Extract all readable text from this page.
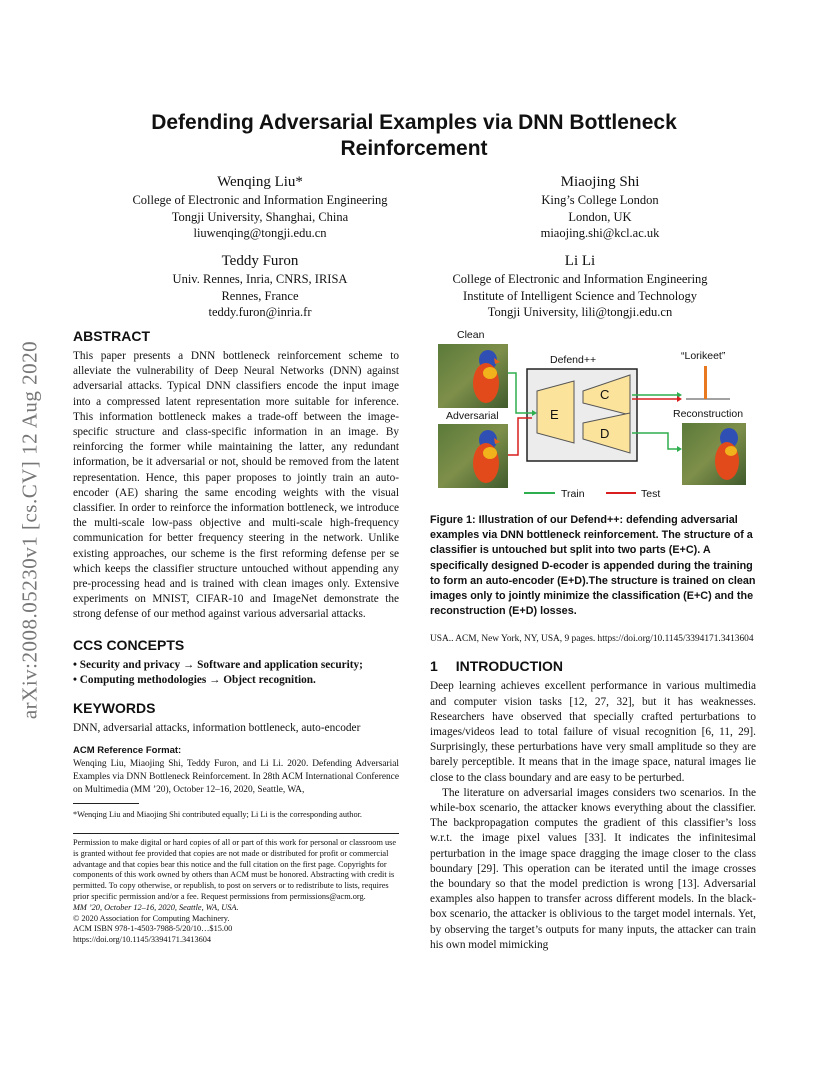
Defending Adversarial Examples via DNN Bottleneck
Reinforcement
Wenqing Liu*
College of Electronic and Information Engineering
Tongji University, Shanghai, China
liuwenqing@tongji.edu.cn
Miaojing Shi
King’s College London
London, UK
miaojing.shi@kcl.ac.uk
Teddy Furon
Univ. Rennes, Inria, CNRS, IRISA
Rennes, France
teddy.furon@inria.fr
Li Li
College of Electronic and Information Engineering
Institute of Intelligent Science and Technology
Tongji University, lili@tongji.edu.cn
arXiv:2008.05230v1 [cs.CV] 12 Aug 2020
ABSTRACT

This paper presents a DNN bottleneck reinforcement scheme to alleviate the vulnerability of Deep Neural Networks (DNN) against adversarial attacks. Typical DNN classifiers encode the input image into a compressed latent representation more suitable for inference. This information bottleneck makes a trade-off between the image-specific structure and class-specific information in an image. By reinforcing the former while maintaining the latter, any redundant information, be it adversarial or not, should be removed from the latent representation. Hence, this paper proposes to jointly train an auto-encoder (AE) sharing the same encoding weights with the visual classifier. In order to reinforce the information bottleneck, we introduce the multi-scale low-pass objective and multi-scale high-frequency communication for better frequency steering in the network. Unlike existing approaches, our scheme is the first reforming defense per se which keeps the classifier structure untouched without appending any pre-processing head and is trained with clean images only. Extensive experiments on MNIST, CIFAR-10 and ImageNet demonstrate the strong defense of our method against various adversarial attacks.

CCS CONCEPTS
• Security and privacy → Software and application security;
• Computing methodologies → Object recognition.
KEYWORDS
DNN, adversarial attacks, information bottleneck, auto-encoder
ACM Reference Format:

Wenqing Liu, Miaojing Shi, Teddy Furon, and Li Li. 2020. Defending Adversarial Examples via DNN Bottleneck Reinforcement. In 28th ACM International Conference on Multimedia (MM ’20), October 12–16, 2020, Seattle, WA,

*Wenqing Liu and Miaojing Shi contributed equally; Li Li is the corresponding author.

Permission to make digital or hard copies of all or part of this work for personal or classroom use is granted without fee provided that copies are not made or distributed for profit or commercial advantage and that copies bear this notice and the full citation on the first page. Copyrights for components of this work owned by others than ACM must be honored. Abstracting with credit is permitted. To copy otherwise, or republish, to post on servers or to redistribute to lists, requires prior specific permission and/or a fee. Request permissions from permissions@acm.org.

MM ’20, October 12–16, 2020, Seattle, WA, USA.
© 2020 Association for Computing Machinery.
ACM ISBN 978-1-4503-7988-5/20/10…$15.00
https://doi.org/10.1145/3394171.3413604
Clean
Adversarial
Defend++
E
C
D
“Lorikeet”
Reconstruction
Train	Test

Figure 1: Illustration of our Defend++: defending adversarial examples via DNN bottleneck reinforcement. The structure of a classifier is untouched but split into two parts (E+C). A specifically designed D-ecoder is appended during the training to form an auto-encoder (E+D).The structure is trained on clean images only to jointly minimize the classification (E+C) and the reconstruction (E+D) losses.

USA.. ACM, New York, NY, USA, 9 pages. https://doi.org/10.1145/3394171.3413604

1 INTRODUCTION

Deep learning achieves excellent performance in various multimedia and computer vision tasks [12, 27, 32], but it has weaknesses. Researchers have observed that specially crafted perturbations to images/videos lead to total failure of visual recognition [6, 11, 29]. Surprisingly, these perturbations have very small amplitude so they are barely perceptible. It means that in the image space, natural images lie close to the class boundary and are easy to be perturbed.

The literature on adversarial images considers two scenarios. In the while-box scenario, the attacker knows everything about the classifier. The backpropagation computes the gradient of this classifier’s loss w.r.t. the image pixel values [33]. It indicates the infinitesimal perturbation in the image space dragging the image closer to the class boundary [29]. This operation can be iterated until the image crosses the boundary so that the model prediction is wrong [13]. Adversarial examples also happen to transfer across different models. In the black-box scenario, the attacker is oblivious to the target model internals. Yet, by observing the target’s outputs for many inputs, the attacker can train his own model mimicking
